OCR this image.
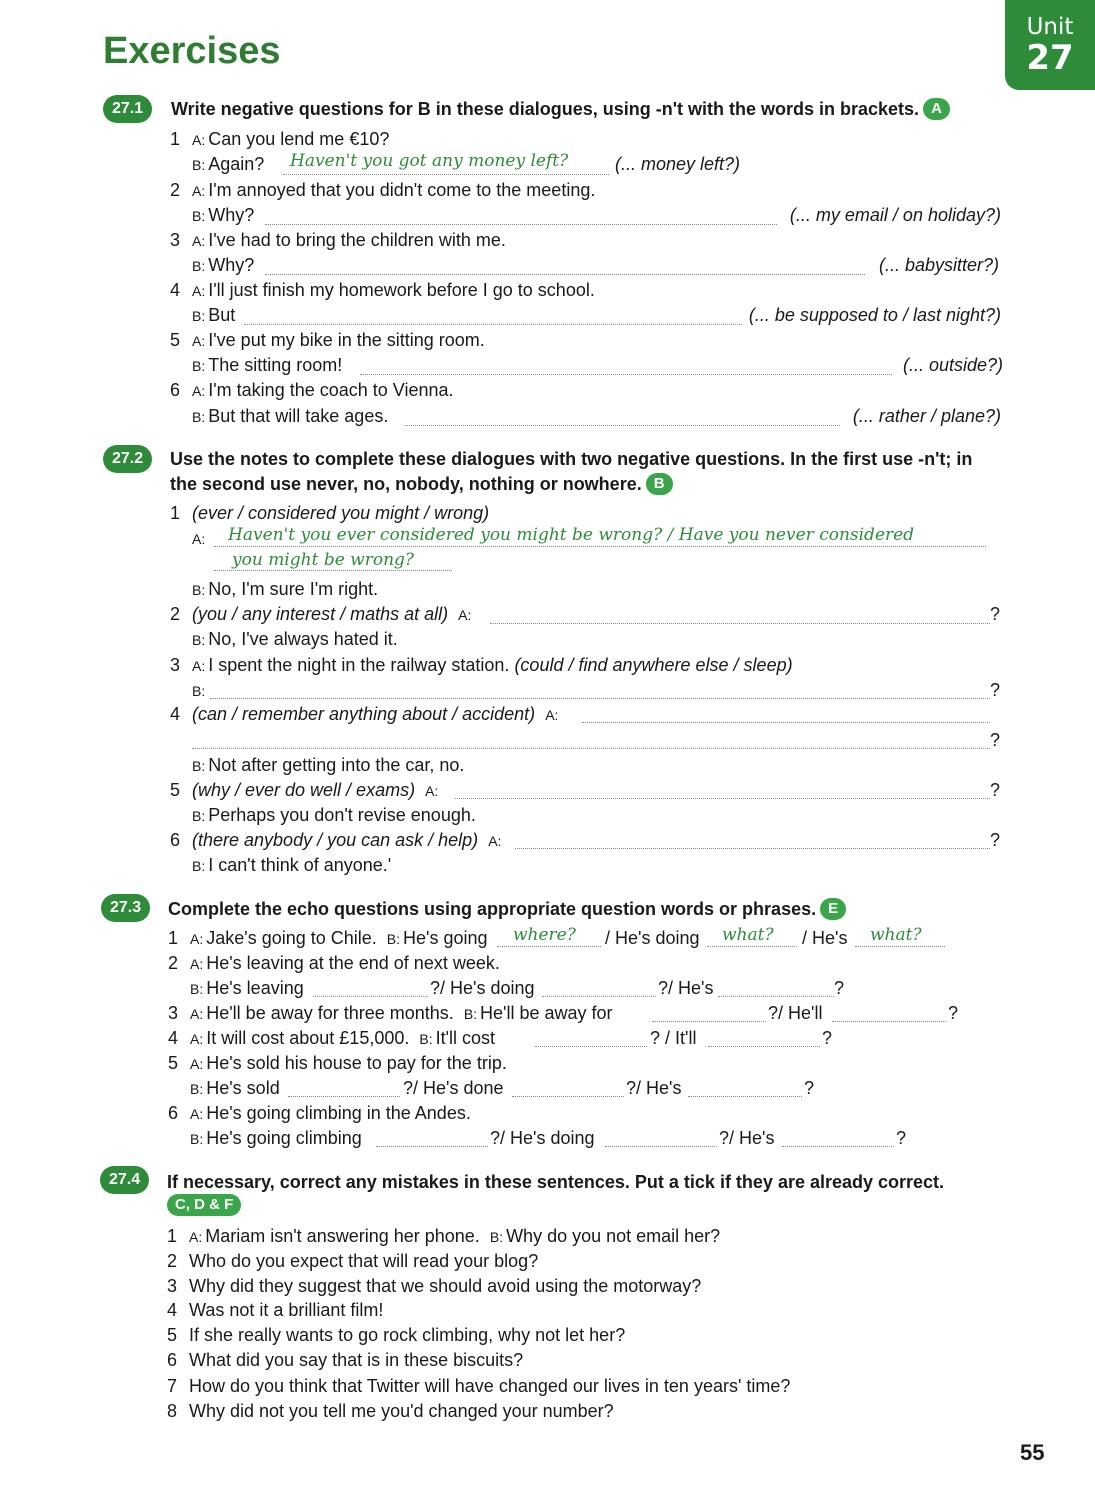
Exercises
Unit
27
27.1	Write negative questions for B in these dialogues, using -n't with the words in brackets. A
1 A: Can you lend me €10?
B: Again? Haven't you got any money left?	(... money left?)
2 A: I'm annoyed that you didn't come to the meeting.
B: Why?	(... my email / on holiday?)
3 A: I've had to bring the children with me.
B: Why?	(... babysitter?)
4 A: I'll just finish my homework before I go to school.
B: But	(... be supposed to / last night?)
5 A: I've put my bike in the sitting room.
B: The sitting room!	(... outside?)
6 A: I'm taking the coach to Vienna.
B: But that will take ages.	(... rather / plane?)
27.2	Use the notes to complete these dialogues with two negative questions. In the first use -n't; in
the second use never, no, nobody, nothing or nowhere. B
1 (ever / considered you might / wrong)
A: Haven't you ever considered you might be wrong? / Have you never considered
you might be wrong?
B: No, I'm sure I'm right.
2 (you / any interest / maths at all) A:	?
B: No, I've always hated it.
3 A: I spent the night in the railway station. (could / find anywhere else / sleep)
B:	?
4 (can / remember anything about / accident) A:
?
B: Not after getting into the car, no.
5 (why / ever do well / exams) A:	?
B: Perhaps you don't revise enough.
6 (there anybody / you can ask / help) A:	?
B: I can't think of anyone.'
27.3	Complete the echo questions using appropriate question words or phrases. E
1 A: Jake's going to Chile. B: He's going where? / He's doing what? / He's what?
2 A: He's leaving at the end of next week.
B: He's leaving	?/ He's doing	?/ He's	?
3 A: He'll be away for three months. B: He'll be away for	?/ He'll	?
4 A: It will cost about £15,000. B: It'll cost	? / It'll	?
5 A: He's sold his house to pay for the trip.
B: He's sold	?/ He's done	?/ He's	?
6 A: He's going climbing in the Andes.
B: He's going climbing	?/ He's doing	?/ He's	?
27.4	If necessary, correct any mistakes in these sentences. Put a tick if they are already correct.
C, D & F
1 A: Mariam isn't answering her phone. B: Why do you not email her?
2 Who do you expect that will read your blog?
3 Why did they suggest that we should avoid using the motorway?
4 Was not it a brilliant film!
5 If she really wants to go rock climbing, why not let her?
6 What did you say that is in these biscuits?
7 How do you think that Twitter will have changed our lives in ten years' time?
8 Why did not you tell me you'd changed your number?
55
